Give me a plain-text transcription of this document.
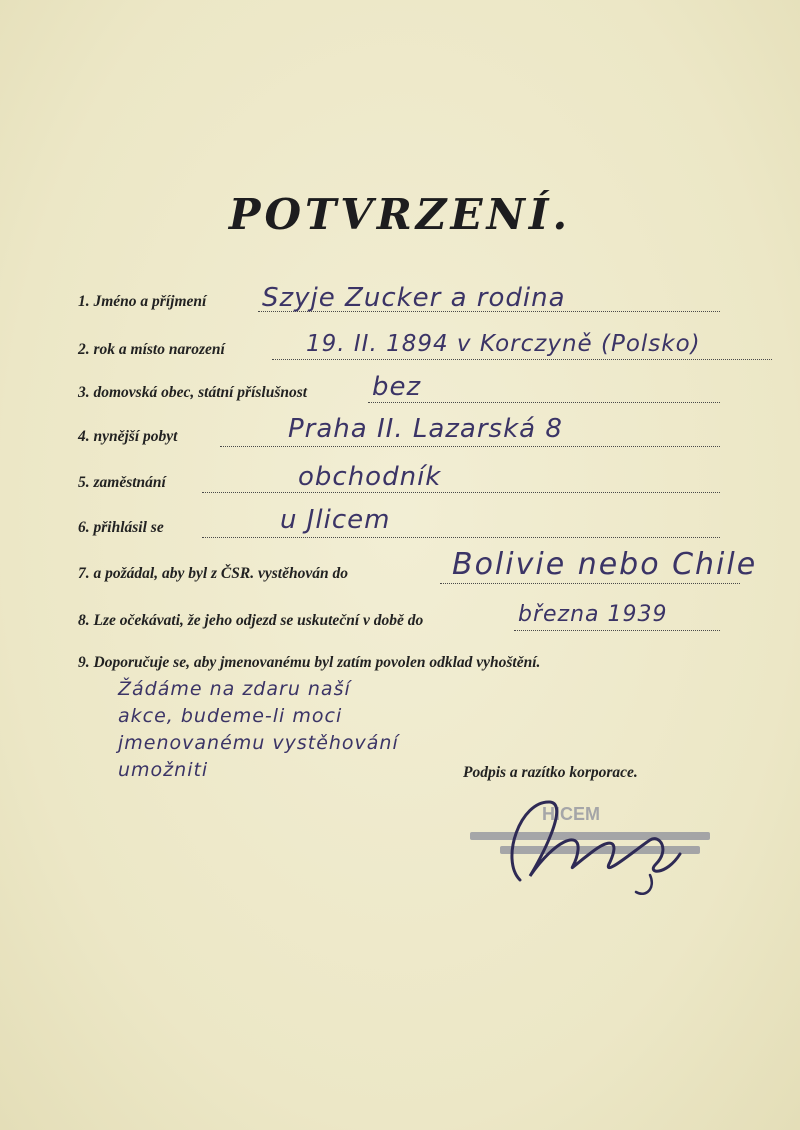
POTVRZENÍ.
1. Jméno a příjmení Szyje Zucker a rodina
2. rok a místo narození	19. II. 1894 v Korczyně (Polsko)
3. domovská obec, státní příslušnost bez
4. nynější pobyt	Praha II. Lazarská 8
5. zaměstnání	obchodník
6. přihlásil se	u Jlicem
7. a požádal, aby byl z ČSR. vystěhován do	Bolivie nebo Chile
8. Lze očekávati, že jeho odjezd se uskuteční v době do	března 1939
9. Doporučuje se, aby jmenovanému byl zatím povolen odklad vyhoštění.
Žádáme na zdaru naší
akce, budeme-li moci
jmenovanému vystěhování
umožniti	Podpis a razítko korporace.
HICEM
